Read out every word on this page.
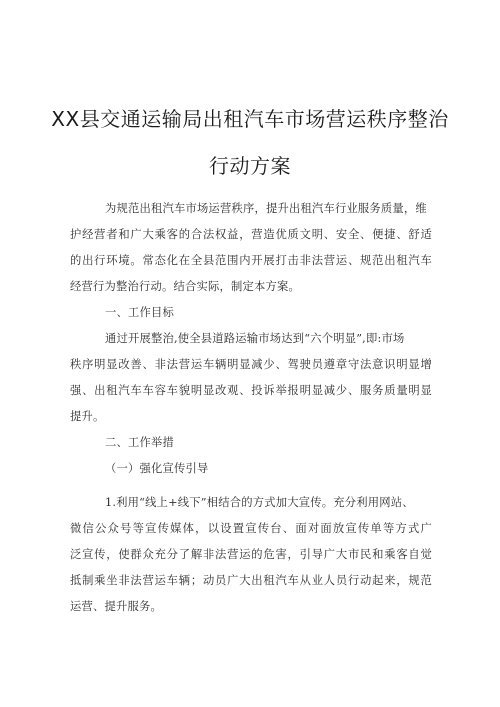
XX县交通运输局出租汽车市场营运秩序整治
行动方案
为规范出租汽车市场运营秩序，提升出租汽车行业服务质量，维
护经营者和广大乘客的合法权益，营造优质文明、安全、便捷、舒适
的出行环境。常态化在全县范围内开展打击非法营运、规范出租汽车
经营行为整治行动。结合实际，制定本方案。
一、工作目标
通过开展整治,使全县道路运输市场达到“六个明显”,即:市场
秩序明显改善、非法营运车辆明显减少、驾驶员遵章守法意识明显增
强、出租汽车车容车貌明显改观、投诉举报明显减少、服务质量明显
提升。
二、工作举措
（一）强化宣传引导
1.利用“线上+线下”相结合的方式加大宣传。充分利用网站、
微信公众号等宣传媒体，以设置宣传台、面对面放宣传单等方式广
泛宣传，使群众充分了解非法营运的危害，引导广大市民和乘客自觉
抵制乘坐非法营运车辆；动员广大出租汽车从业人员行动起来，规范
运营、提升服务。
